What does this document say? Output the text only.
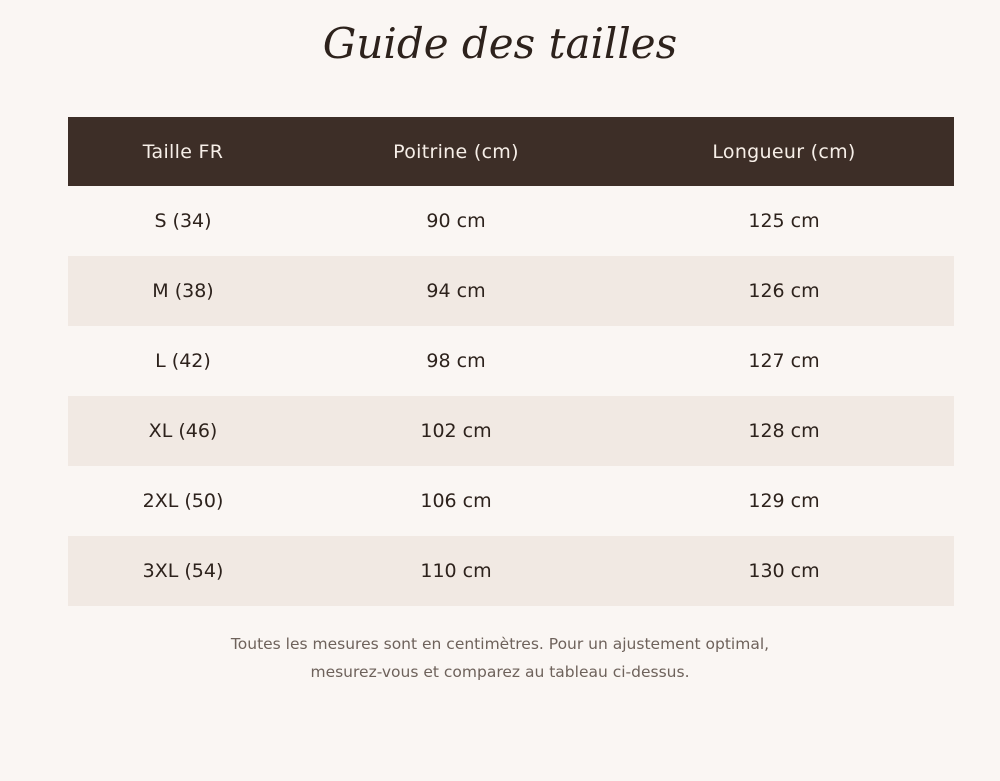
Guide des tailles
Taille FR	Poitrine (cm)	Longueur (cm)
S (34)	90 cm	125 cm
M (38)	94 cm	126 cm
L (42)	98 cm	127 cm
XL (46)	102 cm	128 cm
2XL (50)	106 cm	129 cm
3XL (54)	110 cm	130 cm

Toutes les mesures sont en centimètres. Pour un ajustement optimal,
mesurez-vous et comparez au tableau ci-dessus.
